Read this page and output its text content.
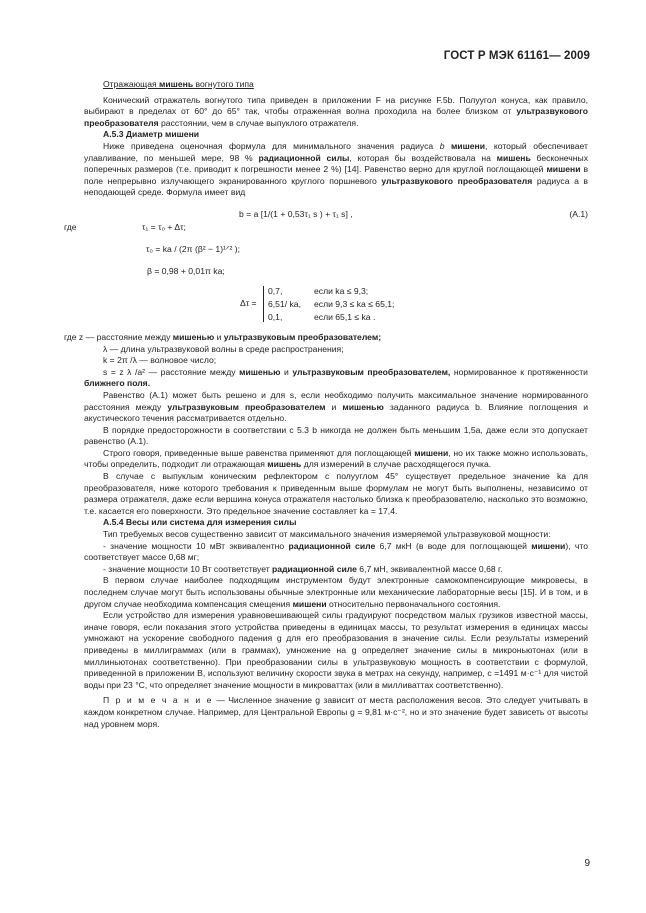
ГОСТ Р МЭК 61161— 2009

Отражающая мишень вогнутого типа

Конический отражатель вогнутого типа приведен в приложении F на рисунке F.5b. Полуугол конуса, как правило, выбирают в пределах от 60° до 65° так, чтобы отраженная волна проходила на более близком от ультразвукового преобразователя расстоянии, чем в случае выпуклого отражателя.

А.5.3 Диаметр мишени

Ниже приведена оценочная формула для минимального значения радиуса b мишени, который обеспечивает улавливание, по меньшей мере, 98 % радиационной силы, которая бы воздействовала на мишень бесконечных поперечных размеров (т.е. приводит к погрешности менее 2 %) [14]. Равенство верно для круглой поглощающей мишени в поле непрерывно излучающего экранированного круглого поршневого ультразвукового преобразователя радиуса a в неподающей среде. Формула имеет вид

b = a [1/(1 + 0,53τ₁ s ) + τ₁ s] ,	(A.1)
где	τ₁ = τ₀ + Δτ;
τ₀ = ka / (2π (β² − 1)¹ᐟ² );
β = 0,98 + 0,01π ka;
Δτ =
0,7,	если ka ≤ 9,3;
6,51/ ka, если 9,3 ≤ ka ≤ 65,1;
0,1,	если 65,1 ≤ ka .

где z — расстояние между мишенью и ультразвуковым преобразователем;

λ — длина ультразвуковой волны в среде распространения;

k = 2π /λ — волновое число;

s = z λ /a² — расстояние между мишенью и ультразвуковым преобразователем, нормированное к протяженности ближнего поля.

Равенство (A.1) может быть решено и для s, если необходимо получить максимальное значение нормированного расстояния между ультразвуковым преобразователем и мишенью заданного радиуса b. Влияние поглощения и акустического течения рассматривается отдельно.

В порядке предосторожности в соответствии с 5.3 b никогда не должен быть меньшим 1,5a, даже если это допускает равенство (A.1).

Строго говоря, приведенные выше равенства применяют для поглощающей мишени, но их также можно использовать, чтобы определить, подходит ли отражающая мишень для измерений в случае расходящегося пучка.

В случае с выпуклым коническим рефлектором с полууглом 45° существует предельное значение ka для преобразователя, ниже которого требования к приведенным выше формулам не могут быть выполнены, независимо от размера отражателя, даже если вершина конуса отражателя настолько близка к преобразователю, насколько это возможно, т.е. касается его поверхности. Это предельное значение составляет ka = 17,4.

А.5.4 Весы или система для измерения силы

Тип требуемых весов существенно зависит от максимального значения измеряемой ультразвуковой мощности:

- значение мощности 10 мВт эквивалентно радиационной силе 6,7 мкН (в воде для поглощающей мишени), что соответствует массе 0,68 мг;

- значение мощности 10 Вт соответствует радиационной силе 6,7 мН, эквивалентной массе 0,68 г.

В первом случае наиболее подходящим инструментом будут электронные самокомпенсирующие микровесы, в последнем случае могут быть использованы обычные электронные или механические лабораторные весы [15]. И в том, и в другом случае необходима компенсация смещения мишени относительно первоначального состояния.

Если устройство для измерения уравновешивающей силы градуируют посредством малых грузиков известной массы, иначе говоря, если показания этого устройства приведены в единицах массы, то результат измерения в единицах массы умножают на ускорение свободного падения g для его преобразования в значение силы. Если результаты измерений приведены в миллиграммах (или в граммах), умножение на g определяет значение силы в микроньютонах (или в миллиньютонах соответственно). При преобразовании силы в ультразвуковую мощность в соответствии с формулой, приведенной в приложении B, используют величину скорости звука в метрах на секунду, например, c =1491 м·c⁻¹ для чистой воды при 23 °C, что определяет значение мощности в микроваттах (или в милливаттах соответственно).

П р и м е ч а н и е — Численное значение g зависит от места расположения весов. Это следует учитывать в каждом конкретном случае. Например, для Центральной Европы g = 9,81 м·с⁻², но и это значение будет зависеть от высоты над уровнем моря.

9
